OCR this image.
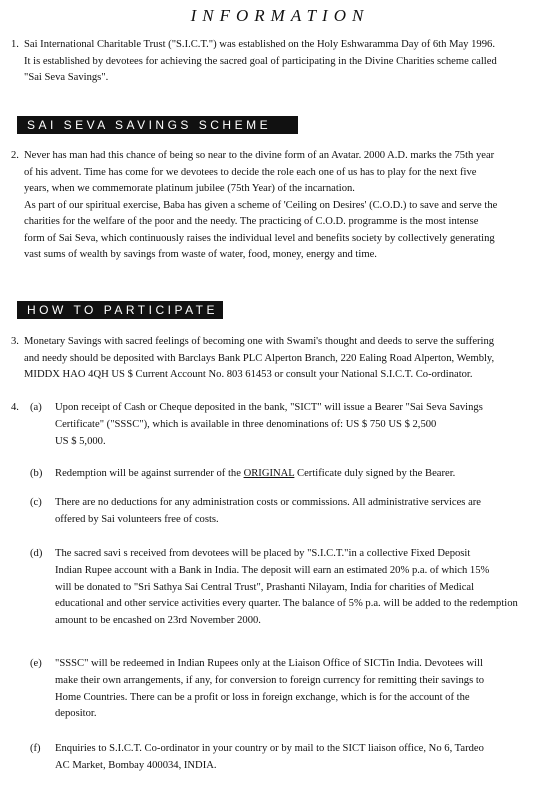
INFORMATION
1. Sai International Charitable Trust ("S.I.C.T.") was established on the Holy Eshwaramma Day of 6th May 1996.
It is established by devotees for achieving the sacred goal of participating in the Divine Charities scheme called
"Sai Seva Savings".
SAI SEVA SAVINGS SCHEME
2. Never has man had this chance of being so near to the divine form of an Avatar. 2000 A.D. marks the 75th year
of his advent. Time has come for we devotees to decide the role each one of us has to play for the next five
years, when we commemorate platinum jubilee (75th Year) of the incarnation.
As part of our spiritual exercise, Baba has given a scheme of 'Ceiling on Desires' (C.O.D.) to save and serve the
charities for the welfare of the poor and the needy. The practicing of C.O.D. programme is the most intense
form of Sai Seva, which continuously raises the individual level and benefits society by collectively generating
vast sums of wealth by savings from waste of water, food, money, energy and time.
HOW TO PARTICIPATE
3. Monetary Savings with sacred feelings of becoming one with Swami's thought and deeds to serve the suffering
and needy should be deposited with Barclays Bank PLC Alperton Branch, 220 Ealing Road Alperton, Wembly,
MIDDX HAO 4QH US $ Current Account No. 803 61453 or consult your National S.I.C.T. Co-ordinator.
4. (a) Upon receipt of Cash or Cheque deposited in the bank, "SICT" will issue a Bearer "Sai Seva Savings
Certificate" ("SSSC"), which is available in three denominations of: US $ 750 US $ 2,500
US $ 5,000.
(b) Redemption will be against surrender of the ORIGINAL Certificate duly signed by the Bearer.
(c) There are no deductions for any administration costs or commissions. All administrative services are
offered by Sai volunteers free of costs.
(d) The sacred savi s received from devotees will be placed by "S.I.C.T."in a collective Fixed Deposit
Indian Rupee account with a Bank in India. The deposit will earn an estimated 20% p.a. of which 15%
will be donated to "Sri Sathya Sai Central Trust", Prashanti Nilayam, India for charities of Medical
educational and other service activities every quarter. The balance of 5% p.a. will be added to the redemption
amount to be encashed on 23rd November 2000.
(e) "SSSC" will be redeemed in Indian Rupees only at the Liaison Office of SICTin India. Devotees will
make their own arrangements, if any, for conversion to foreign currency for remitting their savings to
Home Countries. There can be a profit or loss in foreign exchange, which is for the account of the
depositor.
(f) Enquiries to S.I.C.T. Co-ordinator in your country or by mail to the SICT liaison office, No 6, Tardeo
AC Market, Bombay 400034, INDIA.
